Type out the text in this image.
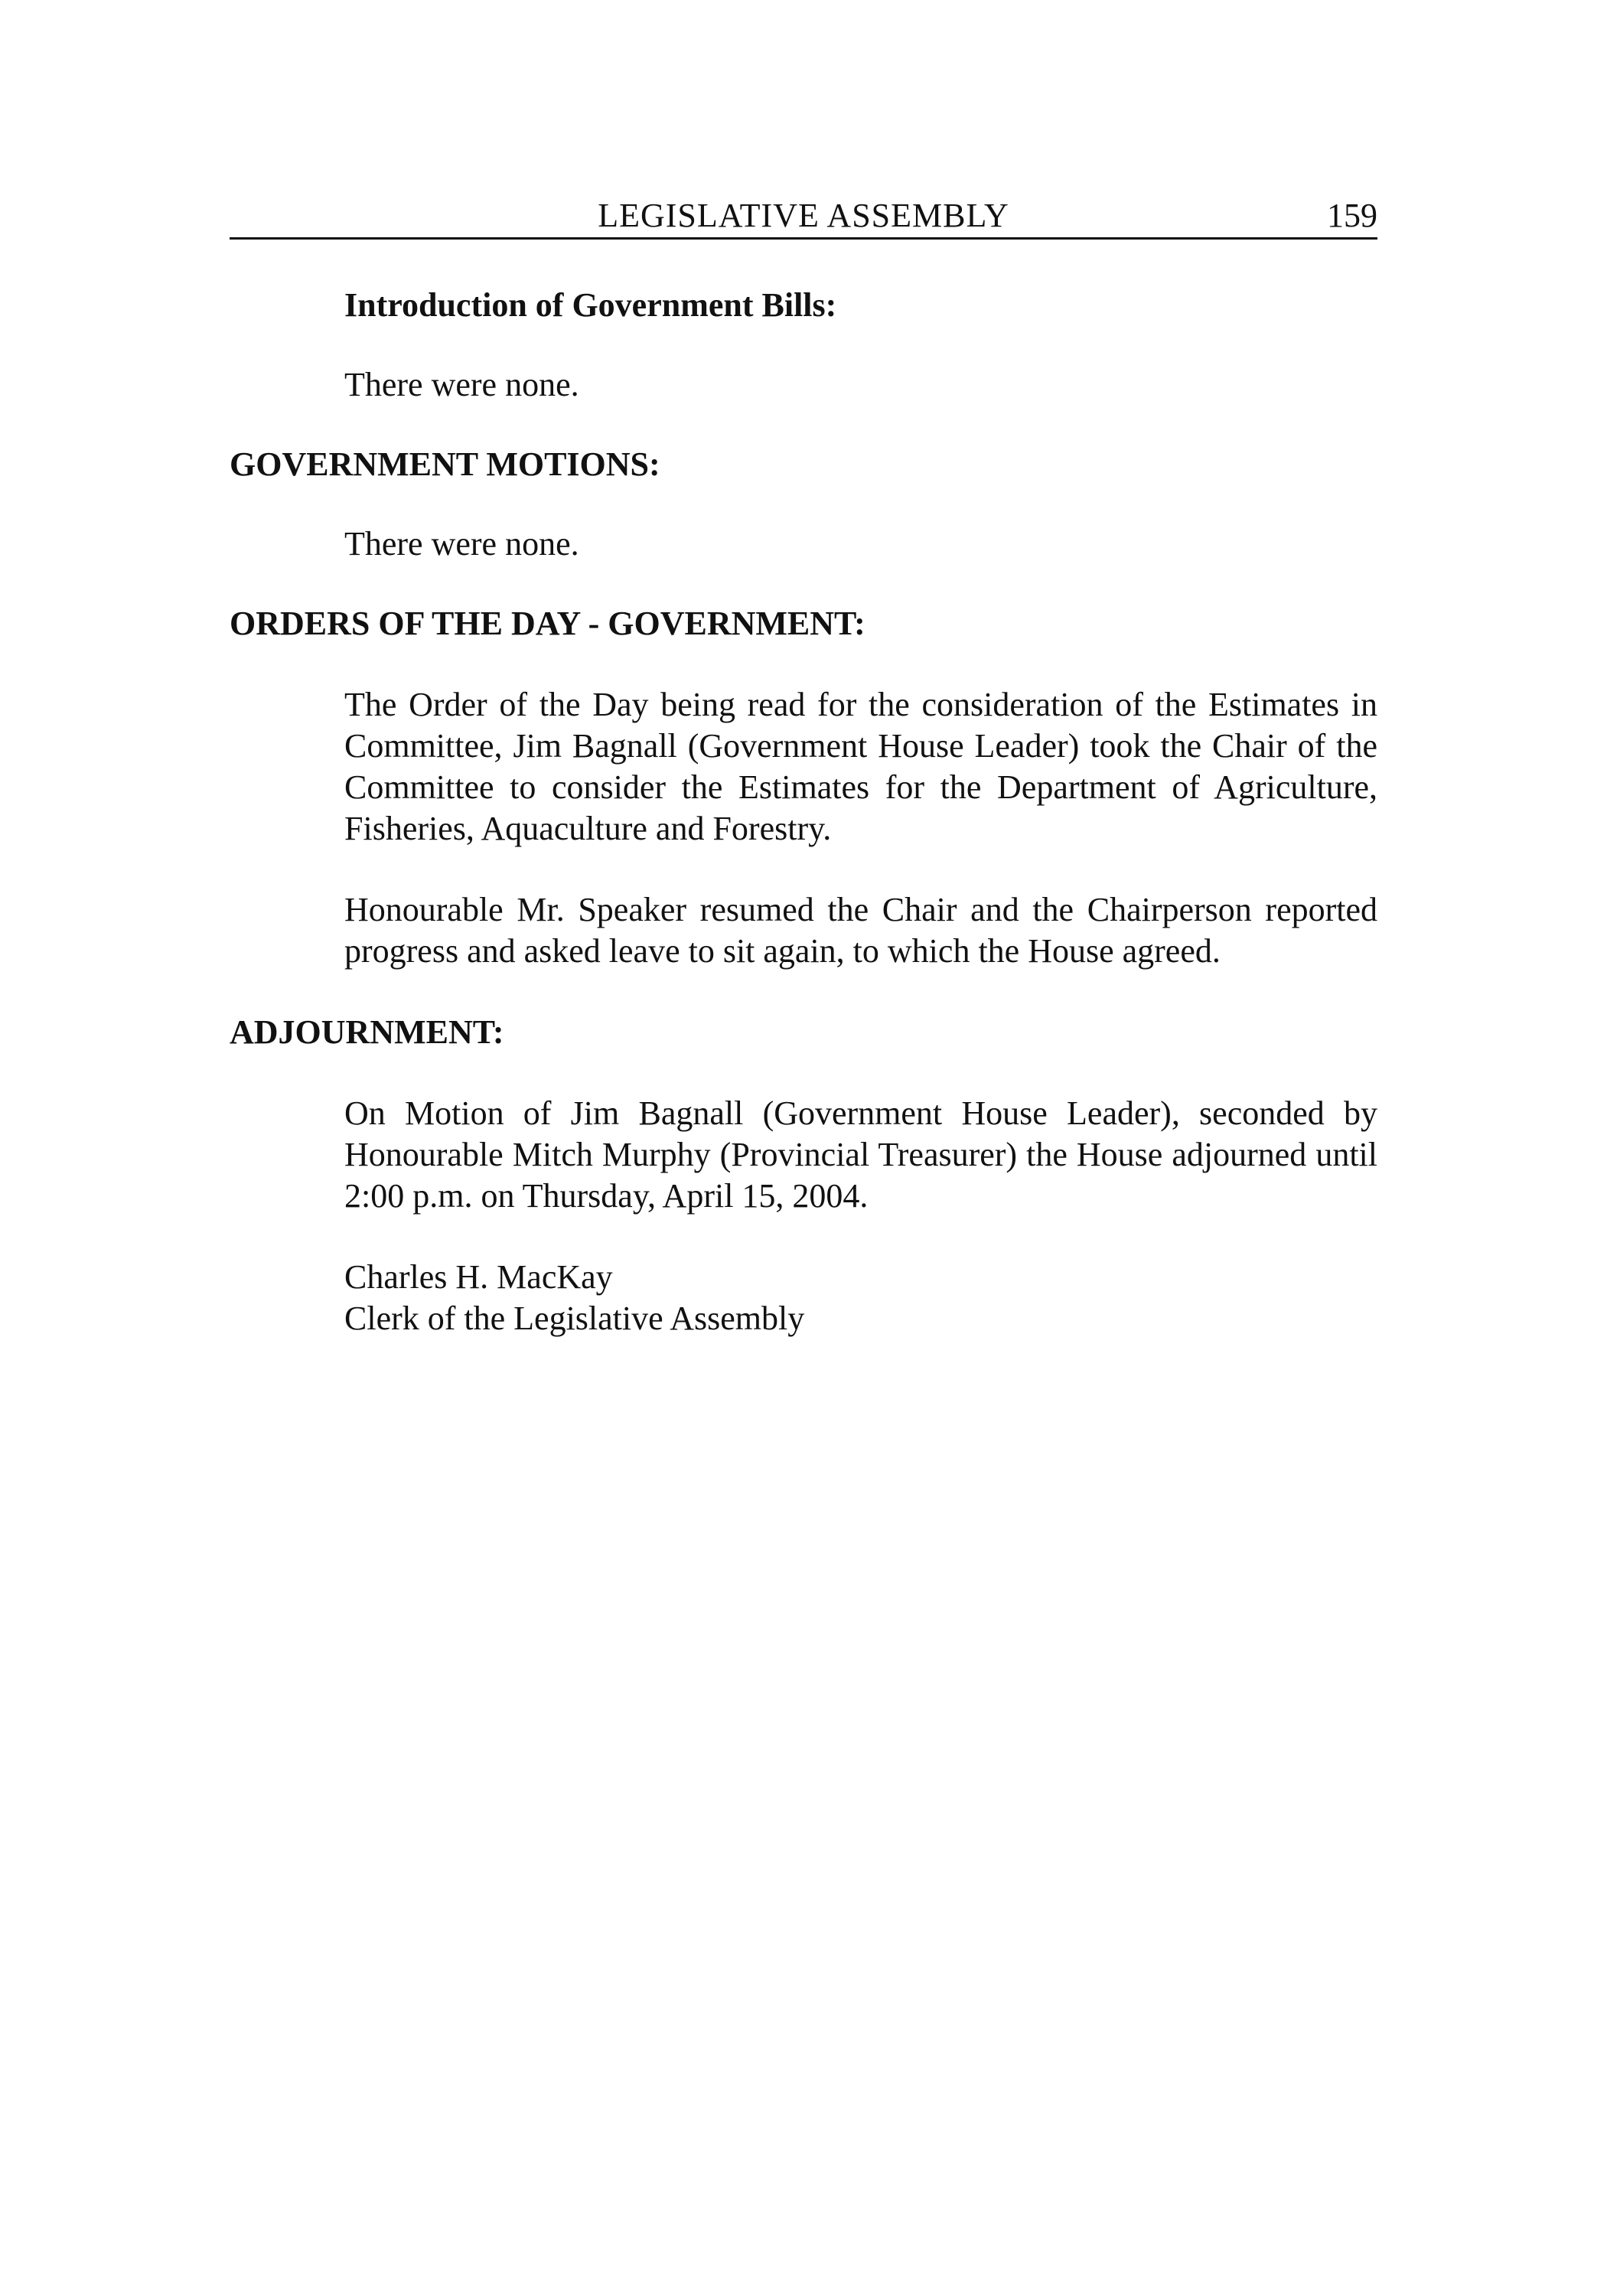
LEGISLATIVE ASSEMBLY	159

Introduction of Government Bills:

There were none.

GOVERNMENT MOTIONS:

There were none.

ORDERS OF THE DAY - GOVERNMENT:

The Order of the Day being read for the consideration of the Estimates in Committee, Jim Bagnall (Government House Leader) took the Chair of the Committee to consider the Estimates for the Department of Agriculture, Fisheries, Aquaculture and Forestry.

Honourable Mr. Speaker resumed the Chair and the Chairperson reported progress and asked leave to sit again, to which the House agreed.

ADJOURNMENT:

On Motion of Jim Bagnall (Government House Leader), seconded by Honourable Mitch Murphy (Provincial Treasurer) the House adjourned until 2:00 p.m. on Thursday, April 15, 2004.

Charles H. MacKay
Clerk of the Legislative Assembly
